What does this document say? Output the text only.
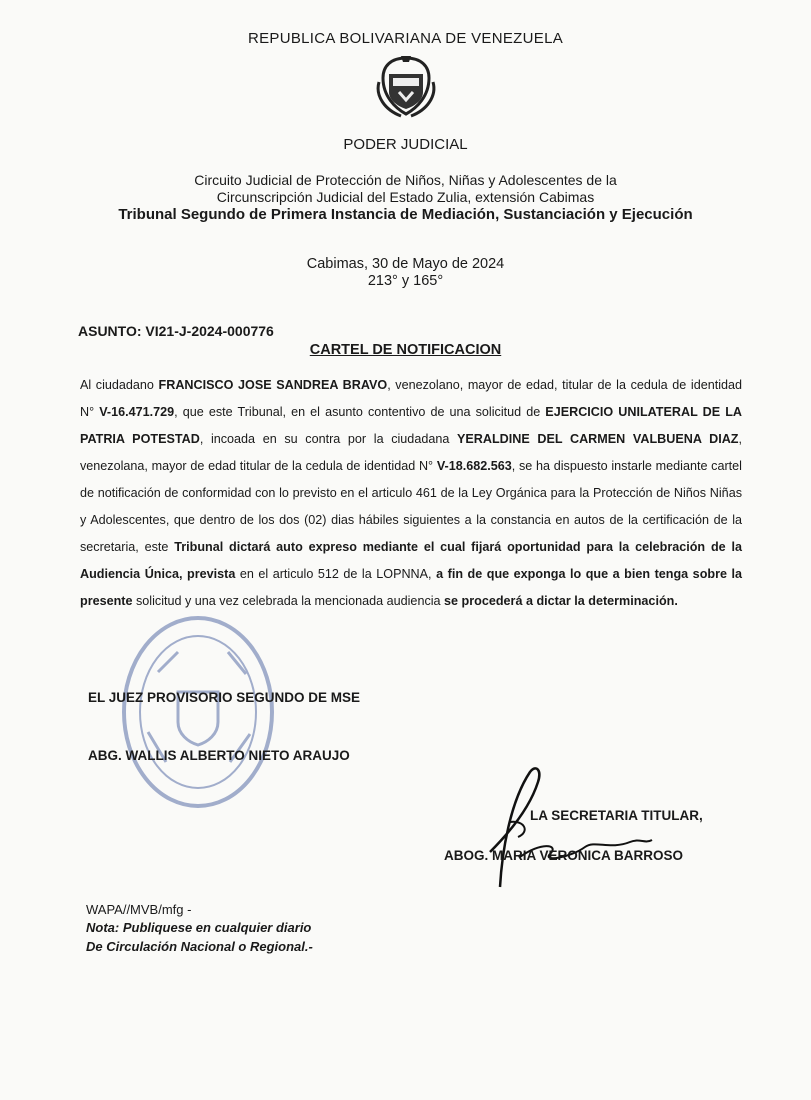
REPUBLICA BOLIVARIANA DE VENEZUELA
PODER JUDICIAL
Circuito Judicial de Protección de Niños, Niñas y Adolescentes de la
Circunscripción Judicial del Estado Zulia, extensión Cabimas
Tribunal Segundo de Primera Instancia de Mediación, Sustanciación y Ejecución
Cabimas, 30 de Mayo de 2024
213° y 165°
ASUNTO: VI21-J-2024-000776
CARTEL DE NOTIFICACION
Al ciudadano FRANCISCO JOSE SANDREA BRAVO, venezolano, mayor de edad, titular de la cedula de identidad N° V-16.471.729, que este Tribunal, en el asunto contentivo de una solicitud de EJERCICIO UNILATERAL DE LA PATRIA POTESTAD, incoada en su contra por la ciudadana YERALDINE DEL CARMEN VALBUENA DIAZ, venezolana, mayor de edad titular de la cedula de identidad N° V-18.682.563, se ha dispuesto instarle mediante cartel de notificación de conformidad con lo previsto en el articulo 461 de la Ley Orgánica para la Protección de Niños Niñas y Adolescentes, que dentro de los dos (02) dias hábiles siguientes a la constancia en autos de la certificación de la secretaria, este Tribunal dictará auto expreso mediante el cual fijará oportunidad para la celebración de la Audiencia Única, prevista en el articulo 512 de la LOPNNA, a fin de que exponga lo que a bien tenga sobre la presente solicitud y una vez celebrada la mencionada audiencia se procederá a dictar la determinación.
EL JUEZ PROVISORIO SEGUNDO DE MSE
ABG. WALLIS ALBERTO NIETO ARAUJO
LA SECRETARIA TITULAR,
ABOG. MARIA VERONICA BARROSO
WAPA//MVB/mfg -
Nota: Publiquese en cualquier diario
De Circulación Nacional o Regional.-
